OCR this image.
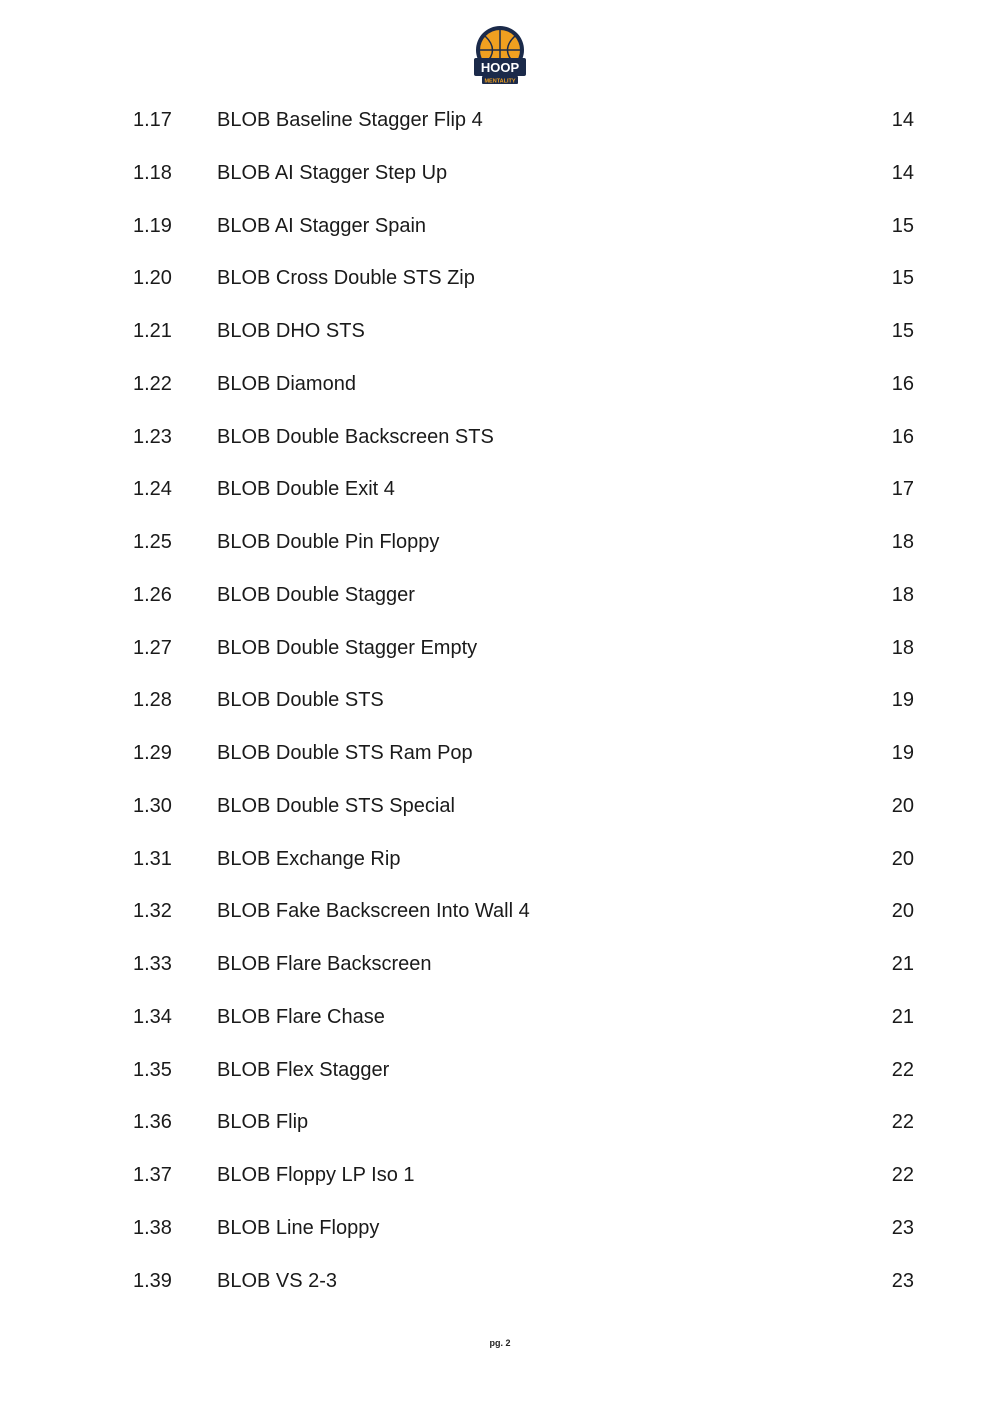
HOOP
MENTALITY
1.17 BLOB Baseline Stagger Flip 4	14
1.18 BLOB AI Stagger Step Up	14
1.19 BLOB AI Stagger Spain	15
1.20 BLOB Cross Double STS Zip	15
1.21 BLOB DHO STS	15
1.22 BLOB Diamond	16
1.23 BLOB Double Backscreen STS	16
1.24 BLOB Double Exit 4	17
1.25 BLOB Double Pin Floppy	18
1.26 BLOB Double Stagger	18
1.27 BLOB Double Stagger Empty	18
1.28 BLOB Double STS	19
1.29 BLOB Double STS Ram Pop	19
1.30 BLOB Double STS Special	20
1.31 BLOB Exchange Rip	20
1.32 BLOB Fake Backscreen Into Wall 4	20
1.33 BLOB Flare Backscreen	21
1.34 BLOB Flare Chase	21
1.35 BLOB Flex Stagger	22
1.36 BLOB Flip	22
1.37 BLOB Floppy LP Iso 1	22
1.38 BLOB Line Floppy	23
1.39 BLOB VS 2-3	23
pg. 2
